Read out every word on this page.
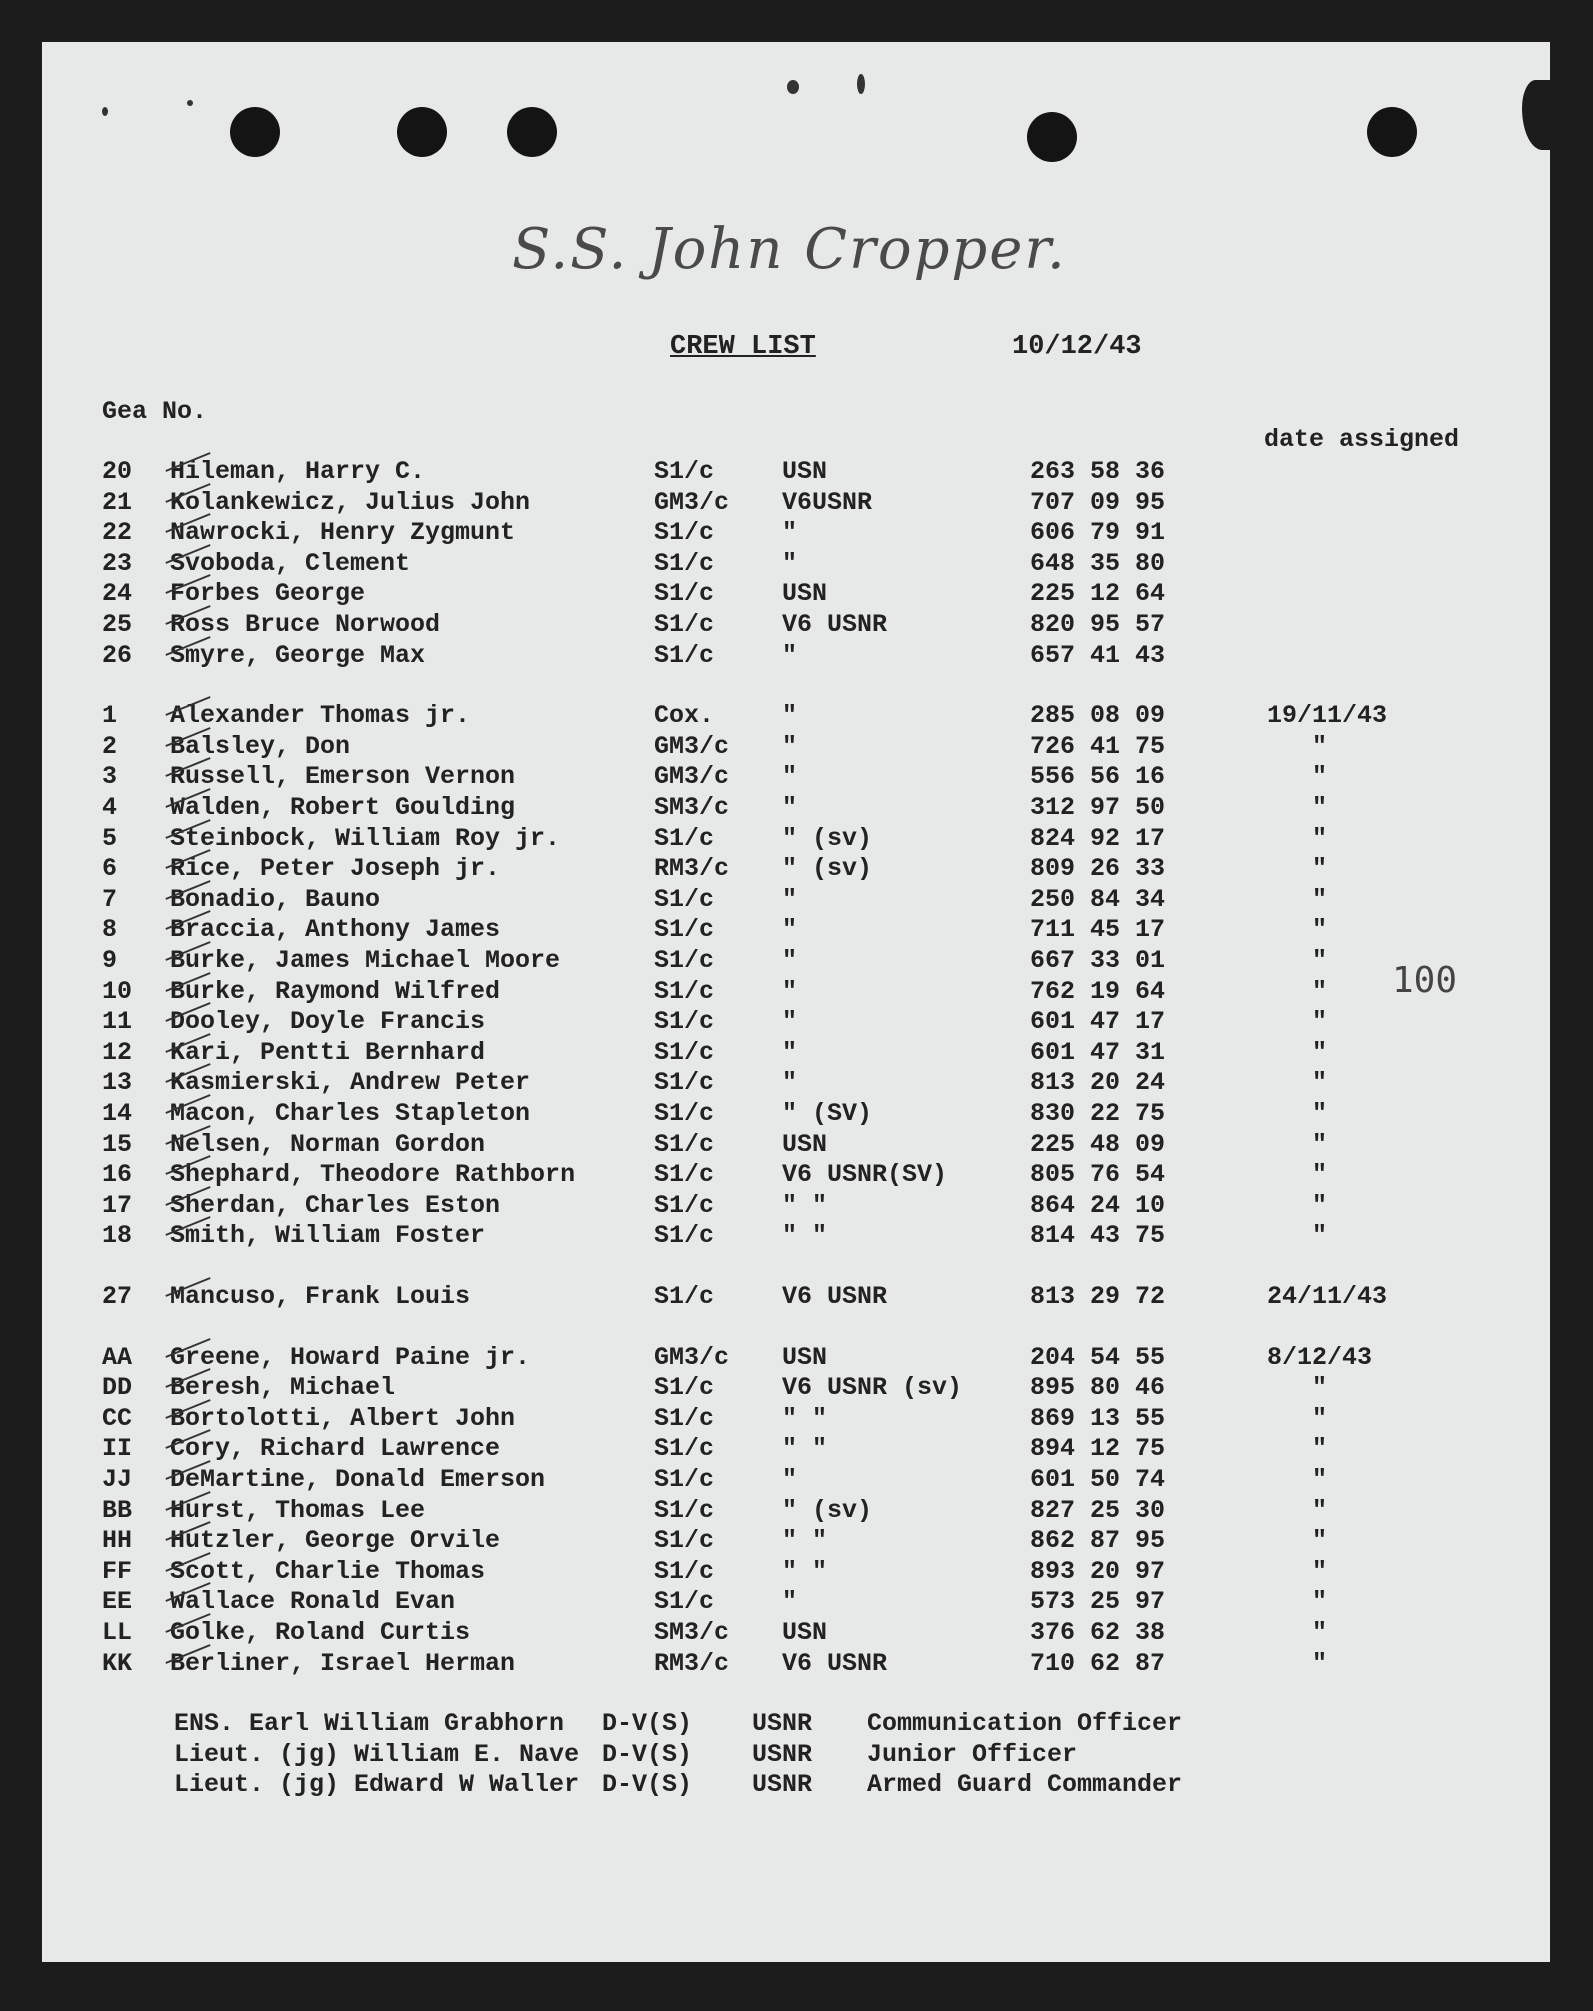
S.S. John Cropper.
CREW LIST	10/12/43
Gea No.
date assigned
100
20 Hileman, Harry C.	S1/c	USN	263 58 36
21 Kolankewicz, Julius John	GM3/c V6USNR	707 09 95
22 Nawrocki, Henry Zygmunt	S1/c	"	606 79 91
23 Svoboda, Clement	S1/c	"	648 35 80
24 Forbes George	S1/c	USN	225 12 64
25 Ross Bruce Norwood	S1/c	V6 USNR	820 95 57
26 Smyre, George Max	S1/c	"	657 41 43
1 Alexander Thomas jr.	Cox.	"	285 08 09	19/11/43
2 Balsley, Don	GM3/c "	726 41 75	"
3 Russell, Emerson Vernon	GM3/c "	556 56 16	"
4 Walden, Robert Goulding	SM3/c "	312 97 50	"
5 Steinbock, William Roy jr.	S1/c	" (sv)	824 92 17	"
6 Rice, Peter Joseph jr.	RM3/c " (sv)	809 26 33	"
7 Bonadio, Bauno	S1/c	"	250 84 34	"
8 Braccia, Anthony James	S1/c	"	711 45 17	"
9 Burke, James Michael Moore	S1/c	"	667 33 01	"
10 Burke, Raymond Wilfred	S1/c	"	762 19 64	"
11 Dooley, Doyle Francis	S1/c	"	601 47 17	"
12 Kari, Pentti Bernhard	S1/c	"	601 47 31	"
13 Kasmierski, Andrew Peter	S1/c	"	813 20 24	"
14 Macon, Charles Stapleton	S1/c	" (SV)	830 22 75	"
15 Nelsen, Norman Gordon	S1/c	USN	225 48 09	"
16 Shephard, Theodore Rathborn	S1/c	V6 USNR(SV)	805 76 54	"
17 Sherdan, Charles Eston	S1/c	" "	864 24 10	"
18 Smith, William Foster	S1/c	" "	814 43 75	"
27 Mancuso, Frank Louis	S1/c	V6 USNR	813 29 72	24/11/43
AA Greene, Howard Paine jr.	GM3/c USN	204 54 55	8/12/43
DD Beresh, Michael	S1/c	V6 USNR (sv)	895 80 46	"
CC Bortolotti, Albert John	S1/c	" "	869 13 55	"
II Cory, Richard Lawrence	S1/c	" "	894 12 75	"
JJ DeMartine, Donald Emerson	S1/c	"	601 50 74	"
BB Hurst, Thomas Lee	S1/c	" (sv)	827 25 30	"
HH Hutzler, George Orvile	S1/c	" "	862 87 95	"
FF Scott, Charlie Thomas	S1/c	" "	893 20 97	"
EE Wallace Ronald Evan	S1/c	"	573 25 97	"
LL Golke, Roland Curtis	SM3/c USN	376 62 38	"
KK Berliner, Israel Herman	RM3/c V6 USNR	710 62 87	"
ENS. Earl William Grabhorn D-V(S) USNR Communication Officer
Lieut. (jg) William E. Nave D-V(S) USNR Junior Officer
Lieut. (jg) Edward W Waller D-V(S) USNR Armed Guard Commander
